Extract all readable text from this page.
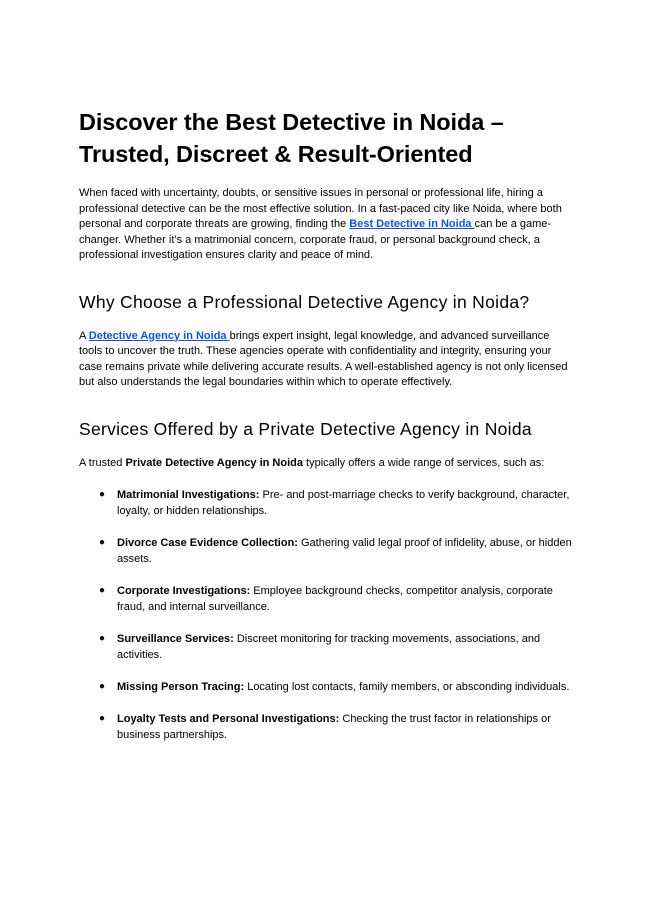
Discover the Best Detective in Noida – Trusted, Discreet & Result-Oriented

When faced with uncertainty, doubts, or sensitive issues in personal or professional life, hiring a professional detective can be the most effective solution. In a fast-paced city like Noida, where both personal and corporate threats are growing, finding the Best Detective in Noida can be a game-changer. Whether it’s a matrimonial concern, corporate fraud, or personal background check, a professional investigation ensures clarity and peace of mind.

Why Choose a Professional Detective Agency in Noida?

A Detective Agency in Noida brings expert insight, legal knowledge, and advanced surveillance tools to uncover the truth. These agencies operate with confidentiality and integrity, ensuring your case remains private while delivering accurate results. A well-established agency is not only licensed but also understands the legal boundaries within which to operate effectively.

Services Offered by a Private Detective Agency in Noida

A trusted Private Detective Agency in Noida typically offers a wide range of services, such as:

● Matrimonial Investigations: Pre- and post-marriage checks to verify background, character, loyalty, or hidden relationships.
● Divorce Case Evidence Collection: Gathering valid legal proof of infidelity, abuse, or hidden assets.
● Corporate Investigations: Employee background checks, competitor analysis, corporate fraud, and internal surveillance.
● Surveillance Services: Discreet monitoring for tracking movements, associations, and activities.
● Missing Person Tracing: Locating lost contacts, family members, or absconding individuals.
● Loyalty Tests and Personal Investigations: Checking the trust factor in relationships or business partnerships.
